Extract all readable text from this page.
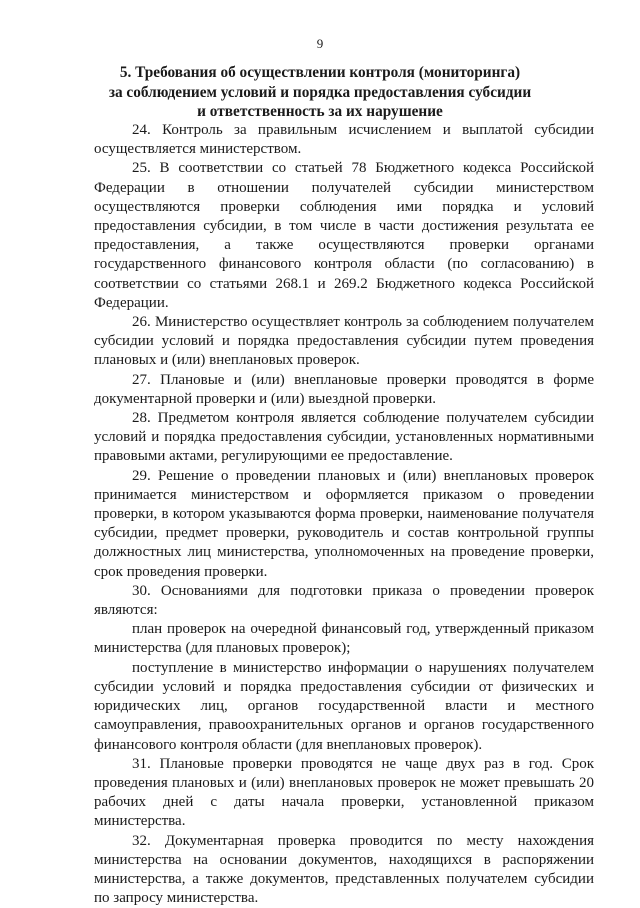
9
5. Требования об осуществлении контроля (мониторинга)
за соблюдением условий и порядка предоставления субсидии
и ответственность за их нарушение

24. Контроль за правильным исчислением и выплатой субсидии осуществляется министерством.

25. В соответствии со статьей 78 Бюджетного кодекса Российской Федерации в отношении получателей субсидии министерством осуществляются проверки соблюдения ими порядка и условий предоставления субсидии, в том числе в части достижения результата ее предоставления, а также осуществляются проверки органами государственного финансового контроля области (по согласованию) в соответствии со статьями 268.1 и 269.2 Бюджетного кодекса Российской Федерации.

26. Министерство осуществляет контроль за соблюдением получателем субсидии условий и порядка предоставления субсидии путем проведения плановых и (или) внеплановых проверок.

27. Плановые и (или) внеплановые проверки проводятся в форме документарной проверки и (или) выездной проверки.

28. Предметом контроля является соблюдение получателем субсидии условий и порядка предоставления субсидии, установленных нормативными правовыми актами, регулирующими ее предоставление.

29. Решение о проведении плановых и (или) внеплановых проверок принимается министерством и оформляется приказом о проведении проверки, в котором указываются форма проверки, наименование получателя субсидии, предмет проверки, руководитель и состав контрольной группы должностных лиц министерства, уполномоченных на проведение проверки, срок проведения проверки.

30. Основаниями для подготовки приказа о проведении проверок являются:

план проверок на очередной финансовый год, утвержденный приказом министерства (для плановых проверок);

поступление в министерство информации о нарушениях получателем субсидии условий и порядка предоставления субсидии от физических и юридических лиц, органов государственной власти и местного самоуправления, правоохранительных органов и органов государственного финансового контроля области (для внеплановых проверок).

31. Плановые проверки проводятся не чаще двух раз в год. Срок проведения плановых и (или) внеплановых проверок не может превышать 20 рабочих дней с даты начала проверки, установленной приказом министерства.

32. Документарная проверка проводится по месту нахождения министерства на основании документов, находящихся в распоряжении министерства, а также документов, представленных получателем субсидии по запросу министерства.
